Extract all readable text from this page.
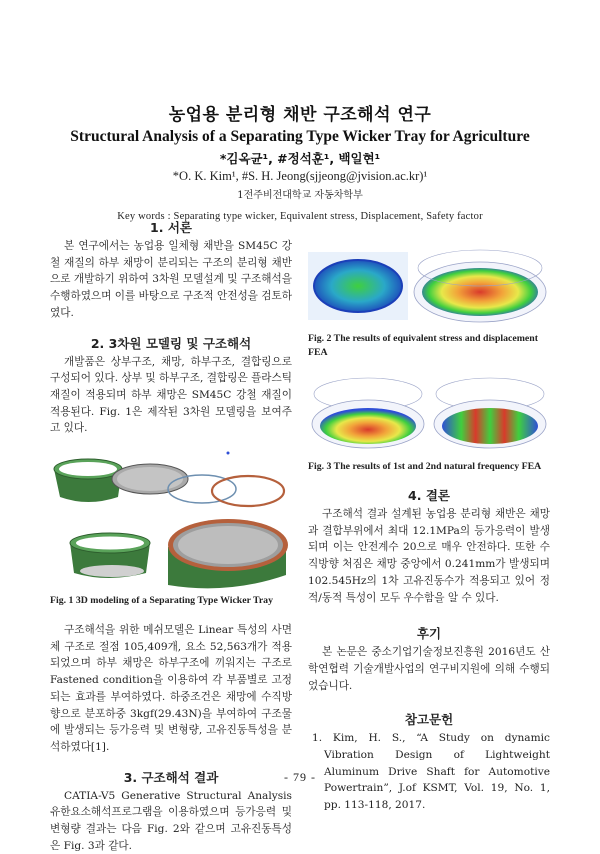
농업용 분리형 채반 구조해석 연구
Structural Analysis of a Separating Type Wicker Tray for Agriculture
*김옥균¹, #정석훈¹, 백일현¹
*O. K. Kim¹, #S. H. Jeong(sjjeong@jvision.ac.kr)¹
1전주비전대학교 자동차학부
Key words : Separating type wicker, Equivalent stress, Displacement, Safety factor
1. 서론

본 연구에서는 농업용 일체형 채반을 SM45C 강철 재질의 하부 채망이 분리되는 구조의 분리형 채반으로 개발하기 위하여 3차원 모델설계 및 구조해석을 수행하였으며 이를 바탕으로 구조적 안전성을 검토하였다.

2. 3차원 모델링 및 구조해석

개발품은 상부구조, 채망, 하부구조, 결합링으로 구성되어 있다. 상부 및 하부구조, 결합링은 플라스틱재질이 적용되며 하부 채망은 SM45C 강철 재질이 적용된다. Fig. 1은 제작된 3차원 모델링을 보여주고 있다.

Fig. 1 3D modeling of a Separating Type Wicker Tray

구조해석을 위한 메쉬모델은 Linear 특성의 사면체 구조로 절점 105,409개, 요소 52,563개가 적용되었으며 하부 채망은 하부구조에 끼워지는 구조로 Fastened condition을 이용하여 각 부품별로 고정되는 효과를 부여하였다. 하중조건은 채망에 수직방향으로 분포하중 3kgf(29.43N)을 부여하여 구조물에 발생되는 등가응력 및 변형량, 고유진동특성을 분석하였다[1].

3. 구조해석 결과

CATIA-V5 Generative Structural Analysis 유한요소해석프로그램을 이용하였으며 등가응력 및 변형량 결과는 다음 Fig. 2와 같으며 고유진동특성은 Fig. 3과 같다.

Fig. 2 The results of equivalent stress and displacement FEA
Fig. 3 The results of 1st and 2nd natural frequency FEA
4. 결론

구조해석 결과 설계된 농업용 분리형 채반은 채망과 결합부위에서 최대 12.1MPa의 등가응력이 발생되며 이는 안전계수 20으로 매우 안전하다. 또한 수직방향 처짐은 채망 중앙에서 0.241mm가 발생되며 102.545Hz의 1차 고유진동수가 적용되고 있어 정적/동적 특성이 모두 우수함을 알 수 있다.

후기

본 논문은 중소기업기술정보진흥원 2016년도 산학연협력 기술개발사업의 연구비지원에 의해 수행되었습니다.

참고문헌

1. Kim, H. S., “A Study on dynamic Vibration Design of Lightweight Aluminum Drive Shaft for Automotive Powertrain”, J.of KSMT, Vol. 19, No. 1, pp. 113-118, 2017.

- 79 -
